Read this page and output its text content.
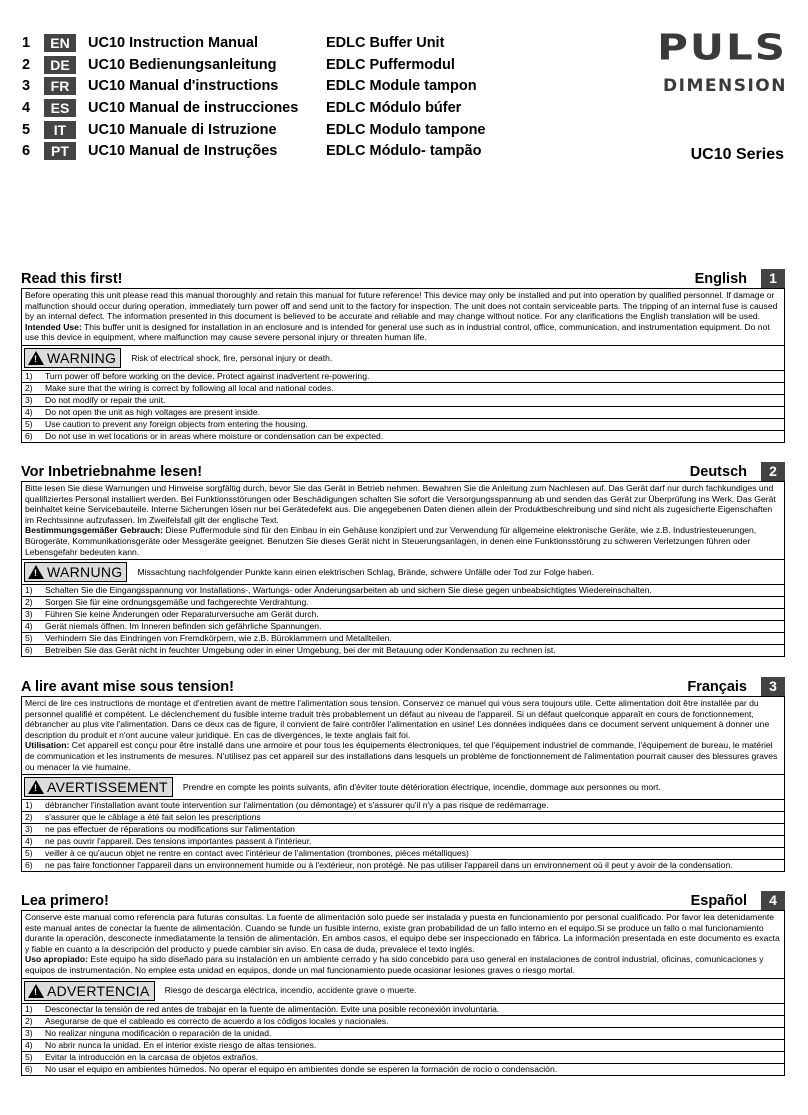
1	EN	UC10 Instruction Manual	EDLC Buffer Unit
2	DE	UC10 Bedienungsanleitung	EDLC Puffermodul
3	FR	UC10 Manual d'instructions	EDLC Module tampon
4	ES	UC10 Manual de instrucciones	EDLC Módulo búfer
5	IT	UC10 Manuale di Istruzione	EDLC Modulo tampone
6	PT	UC10 Manual de Instruções	EDLC Módulo- tampão
PULS
DIMENSION
UC10 Series
Read this first!	English	1

Before operating this unit please read this manual thoroughly and retain this manual for future reference! This device may only be installed and put into operation by qualified personnel. If damage or malfunction should occur during operation, immediately turn power off and send unit to the factory for inspection. The unit does not contain serviceable parts. The tripping of an internal fuse is caused by an internal defect. The information presented in this document is believed to be accurate and reliable and may change without notice. For any clarifications the English translation will be used.

Intended Use: This buffer unit is designed for installation in an enclosure and is intended for general use such as in industrial control, office, communication, and instrumentation equipment. Do not use this device in equipment, where malfunction may cause severe personal injury or threaten human life.

! WARNING Risk of electrical shock, fire, personal injury or death.
1)	Turn power off before working on the device. Protect against inadvertent re-powering.
2)	Make sure that the wiring is correct by following all local and national codes.
3)	Do not modify or repair the unit.
4)	Do not open the unit as high voltages are present inside.
5)	Use caution to prevent any foreign objects from entering the housing.
6)	Do not use in wet locations or in areas where moisture or condensation can be expected.
Vor Inbetriebnahme lesen!	Deutsch	2

Bitte lesen Sie diese Warnungen und Hinweise sorgfältig durch, bevor Sie das Gerät in Betrieb nehmen. Bewahren Sie die Anleitung zum Nachlesen auf. Das Gerät darf nur durch fachkundiges und qualifiziertes Personal installiert werden. Bei Funktionsstörungen oder Beschädigungen schalten Sie sofort die Versorgungsspannung ab und senden das Gerät zur Überprüfung ins Werk. Das Gerät beinhaltet keine Servicebauteile. Interne Sicherungen lösen nur bei Gerätedefekt aus. Die angegebenen Daten dienen allein der Produktbeschreibung und sind nicht als zugesicherte Eigenschaften im Rechtssinne aufzufassen. Im Zweifelsfall gilt der englische Text.

Bestimmungsgemäßer Gebrauch: Diese Puffermodule sind für den Einbau in ein Gehäuse konzipiert und zur Verwendung für allgemeine elektronische Geräte, wie z.B. Industriesteuerungen, Bürogeräte, Kommunikationsgeräte oder Messgeräte geeignet. Benutzen Sie dieses Gerät nicht in Steuerungsanlagen, in denen eine Funktionsstörung zu schweren Verletzungen führen oder Lebensgefahr bedeuten kann.

! WARNUNG Missachtung nachfolgender Punkte kann einen elektrischen Schlag, Brände, schwere Unfälle oder Tod zur Folge haben.
1)	Schalten Sie die Eingangsspannung vor Installations-, Wartungs- oder Änderungsarbeiten ab und sichern Sie diese gegen unbeabsichtigtes Wiedereinschalten.
2)	Sorgen Sie für eine ordnungsgemäße und fachgerechte Verdrahtung.
3)	Führen Sie keine Änderungen oder Reparaturversuche am Gerät durch.
4)	Gerät niemals öffnen. Im Inneren befinden sich gefährliche Spannungen.
5)	Verhindern Sie das Eindringen von Fremdkörpern, wie z.B. Büroklammern und Metallteilen.
6)	Betreiben Sie das Gerät nicht in feuchter Umgebung oder in einer Umgebung, bei der mit Betauung oder Kondensation zu rechnen ist.
A lire avant mise sous tension!	Français	3

Merci de lire ces instructions de montage et d'entretien avant de mettre l'alimentation sous tension. Conservez ce manuel qui vous sera toujours utile. Cette alimentation doit être installée par du personnel qualifié et compétent. Le déclenchement du fusible interne traduit très probablement un défaut au niveau de l'appareil. Si un défaut quelconque apparaît en cours de fonctionnement, débrancher au plus vite l'alimentation. Dans ce deux cas de figure, il convient de faire contrôler l'alimentation en usine! Les données indiquées dans ce document servent uniquement à donner une description du produit et n'ont aucune valeur juridique. En cas de divergences, le texte anglais fait foi.

Utilisation: Cet appareil est conçu pour être installé dans une armoire et pour tous les équipements électroniques, tel que l'équipement industriel de commande, l'équipement de bureau, le matériel de communication et les instruments de mesures. N'utilisez pas cet appareil sur des installations dans lesquels un problème de fonctionnement de l'alimentation pourrait causer des blessures graves ou menacer la vie humaine.

! AVERTISSEMENT Prendre en compte les points suivants, afin d'éviter toute détérioration électrique, incendie, dommage aux personnes ou mort.
1)	débrancher l'installation avant toute intervention sur l'alimentation (ou démontage) et s'assurer qu'il n'y a pas risque de redémarrage.
2)	s'assurer que le câblage a été fait selon les prescriptions
3)	ne pas effectuer de réparations ou modifications sur l'alimentation
4)	ne pas ouvrir l'appareil. Des tensions importantes passent à l'intérieur.
5)	veiller à ce qu'aucun objet ne rentre en contact avec l'intérieur de l'alimentation (trombones, pièces métalliques)
6)	ne pas faire fonctionner l'appareil dans un environnement humide ou à l'extérieur, non protégé. Ne pas utiliser l'appareil dans un environnement où il peut y avoir de la condensation.
Lea primero!	Español	4

Conserve este manual como referencia para futuras consultas. La fuente de alimentación solo puede ser instalada y puesta en funcionamiento por personal cualificado. Por favor lea detenidamente este manual antes de conectar la fuente de alimentación. Cuando se funde un fusible interno, existe gran probabilidad de un fallo interno en el equipo.Si se produce un fallo o mal funcionamiento durante la operación, desconecte inmediatamente la tensión de alimentación. En ambos casos, el equipo debe ser inspeccionado en fábrica. La información presentada en este documento es exacta y fiable en cuanto a la descripción del producto y puede cambiar sin aviso. En casa de duda, prevalece el texto inglés.

Uso apropiado: Este equipo ha sido diseñado para su instalación en un ambiente cerrado y ha sido concebido para uso general en instalaciones de control industrial, oficinas, comunicaciones y equipos de instrumentación. No emplee esta unidad en equipos, donde un mal funcionamiento puede ocasionar lesiones graves o riesgo mortal.

! ADVERTENCIA Riesgo de descarga eléctrica, incendio, accidente grave o muerte.
1)	Desconectar la tensión de red antes de trabajar en la fuente de alimentación. Evite una posible reconexión involuntaria.
2)	Asegurarse de que el cableado es correcto de acuerdo a los códigos locales y nacionales.
3)	No realizar ninguna modificación o reparación de la unidad.
4)	No abrir nunca la unidad. En el interior existe riesgo de altas tensiones.
5)	Evitar la introducción en la carcasa de objetos extraños.
6)	No usar el equipo en ambientes húmedos. No operar el equipo en ambientes donde se esperen la formación de rocío o condensación.
